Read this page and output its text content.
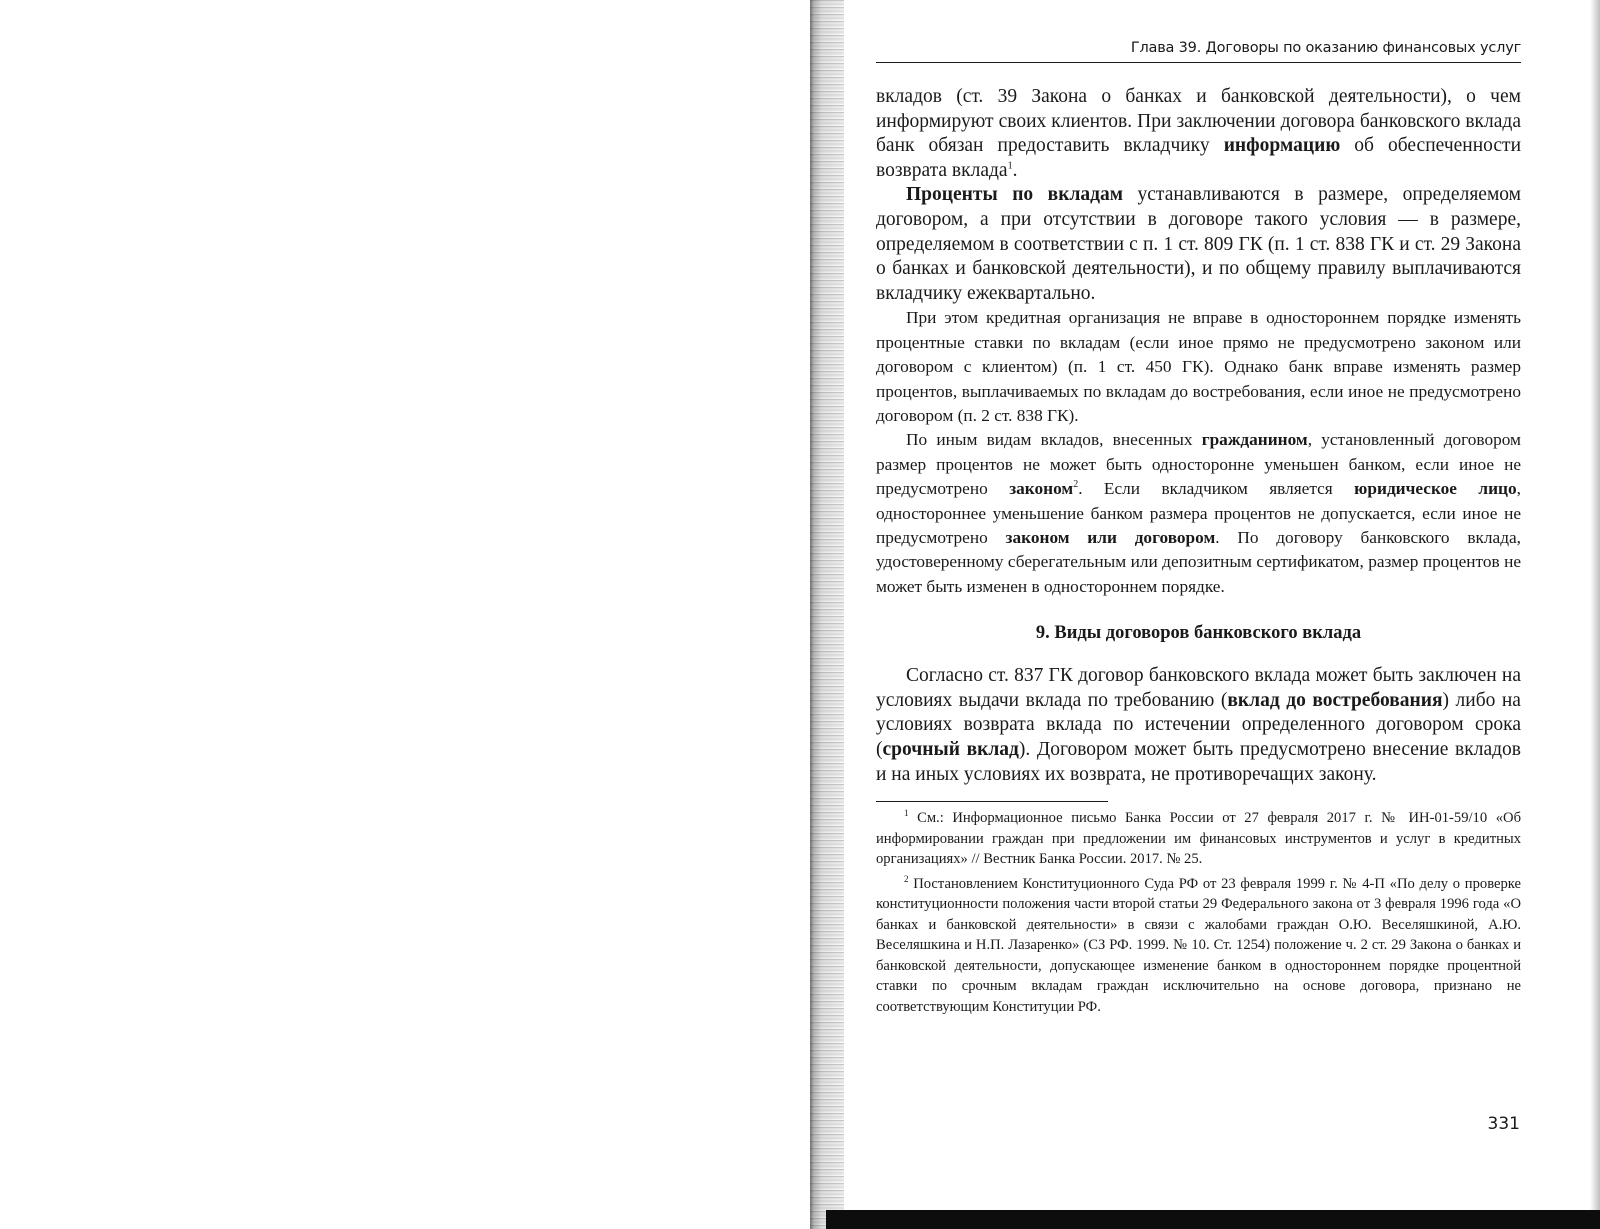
Глава 39. Договоры по оказанию финансовых услуг

вкладов (ст. 39 Закона о банках и банковской деятельности), о чем информируют своих клиентов. При заключении договора банковского вклада банк обязан предоставить вкладчику информацию об обеспеченности возврата вклада$^1$.

Проценты по вкладам устанавливаются в размере, определяемом договором, а при отсутствии в договоре такого условия — в размере, определяемом в соответствии с п. 1 ст. 809 ГК (п. 1 ст. 838 ГК и ст. 29 Закона о банках и банковской деятельности), и по общему правилу выплачиваются вкладчику ежеквартально.

При этом кредитная организация не вправе в одностороннем порядке изменять процентные ставки по вкладам (если иное прямо не предусмотрено законом или договором с клиентом) (п. 1 ст. 450 ГК). Однако банк вправе изменять размер процентов, выплачиваемых по вкладам до востребования, если иное не предусмотрено договором (п. 2 ст. 838 ГК).

По иным видам вкладов, внесенных гражданином, установленный договором размер процентов не может быть односторонне уменьшен банком, если иное не предусмотрено законом$^2$. Если вкладчиком является юридическое лицо, одностороннее уменьшение банком размера процентов не допускается, если иное не предусмотрено законом или договором. По договору банковского вклада, удостоверенному сберегательным или депозитным сертификатом, размер процентов не может быть изменен в одностороннем порядке.

9. Виды договоров банковского вклада

Согласно ст. 837 ГК договор банковского вклада может быть заключен на условиях выдачи вклада по требованию (вклад до востребования) либо на условиях возврата вклада по истечении определенного договором срока (срочный вклад). Договором может быть предусмотрено внесение вкладов и на иных условиях их возврата, не противоречащих закону.

$^1$ См.: Информационное письмо Банка России от 27 февраля 2017 г. № ИН-01-59/10 «Об информировании граждан при предложении им финансовых инструментов и услуг в кредитных организациях» // Вестник Банка России. 2017. № 25.

$^2$ Постановлением Конституционного Суда РФ от 23 февраля 1999 г. № 4-П «По делу о проверке конституционности положения части второй статьи 29 Федерального закона от 3 февраля 1996 года «О банках и банковской деятельности» в связи с жалобами граждан О.Ю. Веселяшкиной, А.Ю. Веселяшкина и Н.П. Лазаренко» (СЗ РФ. 1999. № 10. Ст. 1254) положение ч. 2 ст. 29 Закона о банках и банковской деятельности, допускающее изменение банком в одностороннем порядке процентной ставки по срочным вкладам граждан исключительно на основе договора, признано не соответствующим Конституции РФ.

331
